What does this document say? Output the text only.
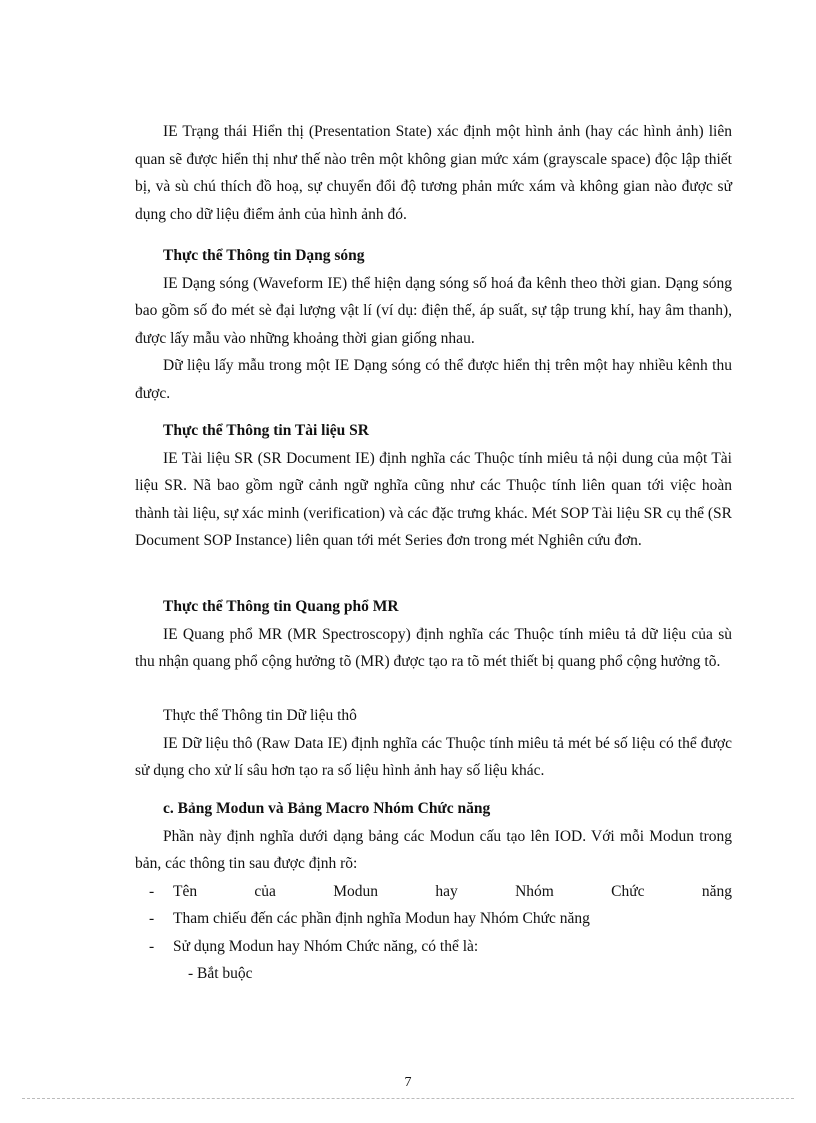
IE Trạng thái Hiển thị (Presentation State) xác định một hình ảnh (hay các hình ảnh) liên quan sẽ được hiển thị như thế nào trên một không gian mức xám (grayscale space) độc lập thiết bị, và sù chú thích đồ hoạ, sự chuyển đổi độ tương phản mức xám và không gian nào được sử dụng cho dữ liệu điểm ảnh của hình ảnh đó.

Thực thể Thông tin Dạng sóng

IE Dạng sóng (Waveform IE) thể hiện dạng sóng số hoá đa kênh theo thời gian. Dạng sóng bao gồm số đo mét sè đại lượng vật lí (ví dụ: điện thế, áp suất, sự tập trung khí, hay âm thanh), được lấy mẫu vào những khoảng thời gian giống nhau.

Dữ liệu lấy mẫu trong một IE Dạng sóng có thể được hiển thị trên một hay nhiều kênh thu được.

Thực thể Thông tin Tài liệu SR

IE Tài liệu SR (SR Document IE) định nghĩa các Thuộc tính miêu tả nội dung của một Tài liệu SR. Nã bao gồm ngữ cảnh ngữ nghĩa cũng như các Thuộc tính liên quan tới việc hoàn thành tài liệu, sự xác minh (verification) và các đặc trưng khác. Mét SOP Tài liệu SR cụ thể (SR Document SOP Instance) liên quan tới mét Series đơn trong mét Nghiên cứu đơn.

Thực thể Thông tin Quang phổ MR

IE Quang phổ MR (MR Spectroscopy) định nghĩa các Thuộc tính miêu tả dữ liệu của sù thu nhận quang phổ cộng hưởng tõ (MR) được tạo ra tõ mét thiết bị quang phổ cộng hưởng tõ.

Thực thể Thông tin Dữ liệu thô

IE Dữ liệu thô (Raw Data IE) định nghĩa các Thuộc tính miêu tả mét bé số liệu có thể được sử dụng cho xử lí sâu hơn tạo ra số liệu hình ảnh hay số liệu khác.

c. Bảng Modun và Bảng Macro Nhóm Chức năng

Phần này định nghĩa dưới dạng bảng các Modun cấu tạo lên IOD. Với mỗi Modun trong bản, các thông tin sau được định rõ:

- Tên của Modun hay Nhóm Chức năng
- Tham chiếu đến các phần định nghĩa Modun hay Nhóm Chức năng
- Sử dụng Modun hay Nhóm Chức năng, có thể là:
- Bắt buộc
7
